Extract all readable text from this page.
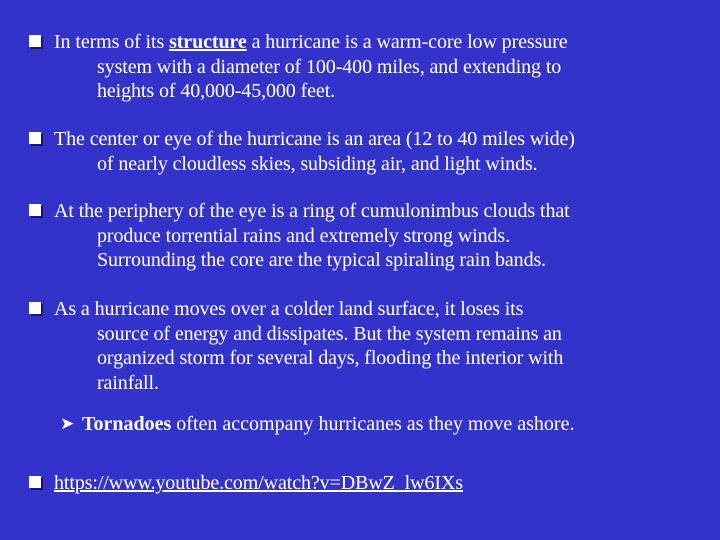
In terms of its structure a hurricane is a warm-core low pressure
system with a diameter of 100-400 miles, and extending to
heights of 40,000-45,000 feet.
The center or eye of the hurricane is an area (12 to 40 miles wide)
of nearly cloudless skies, subsiding air, and light winds.
At the periphery of the eye is a ring of cumulonimbus clouds that
produce torrential rains and extremely strong winds.
Surrounding the core are the typical spiraling rain bands.
As a hurricane moves over a colder land surface, it loses its
source of energy and dissipates. But the system remains an
organized storm for several days, flooding the interior with
rainfall.
➤ Tornadoes often accompany hurricanes as they move ashore.
https://www.youtube.com/watch?v=DBwZ_lw6IXs
